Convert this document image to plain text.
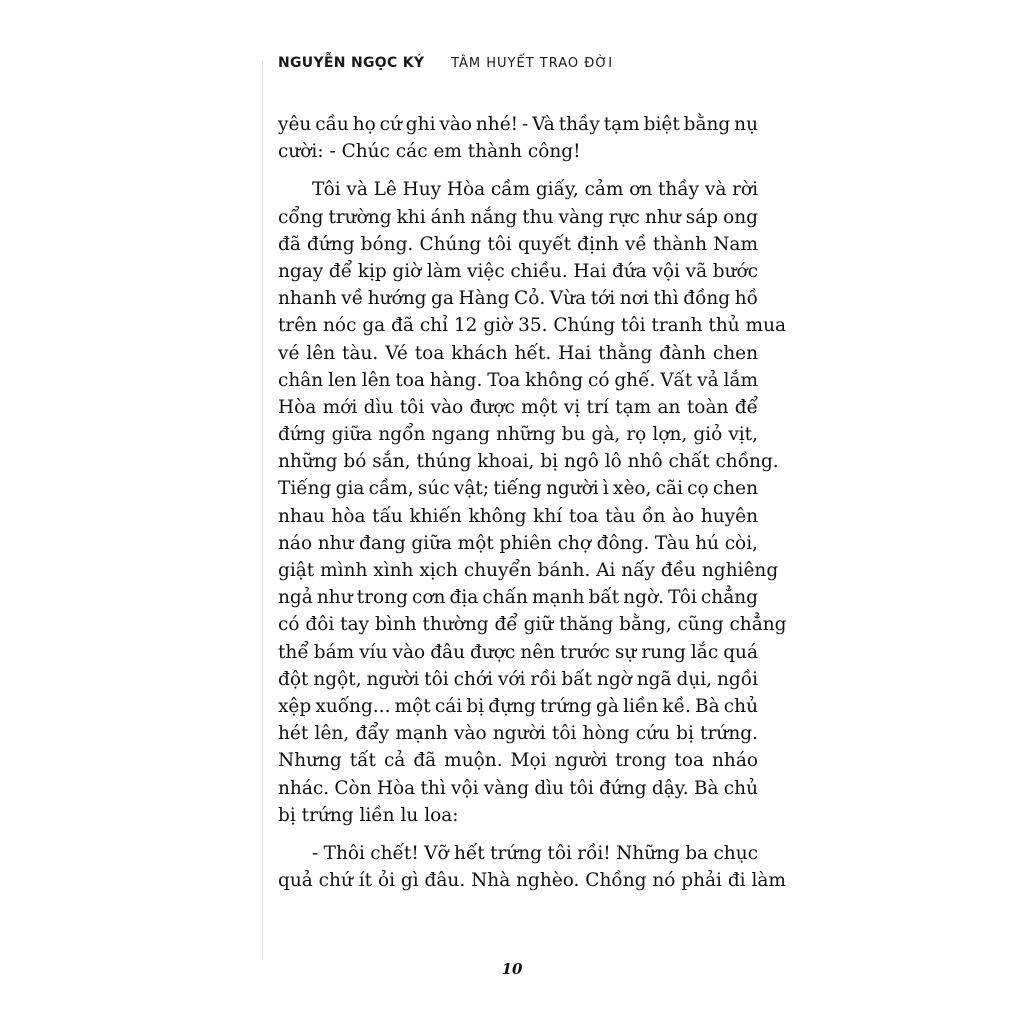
NGUYỄN NGỌC KÝ TÂM HUYẾT TRAO ĐỜI
yêu cầu họ cứ ghi vào nhé! - Và thầy tạm biệt bằng nụ
cười: - Chúc các em thành công!
Tôi và Lê Huy Hòa cầm giấy, cảm ơn thầy và rời
cổng trường khi ánh nắng thu vàng rực như sáp ong
đã đứng bóng. Chúng tôi quyết định về thành Nam
ngay để kịp giờ làm việc chiều. Hai đứa vội vã bước
nhanh về hướng ga Hàng Cỏ. Vừa tới nơi thì đồng hồ
trên nóc ga đã chỉ 12 giờ 35. Chúng tôi tranh thủ mua
vé lên tàu. Vé toa khách hết. Hai thằng đành chen
chân len lên toa hàng. Toa không có ghế. Vất vả lắm
Hòa mới dìu tôi vào được một vị trí tạm an toàn để
đứng giữa ngổn ngang những bu gà, rọ lợn, giỏ vịt,
những bó sắn, thúng khoai, bị ngô lô nhô chất chồng.
Tiếng gia cầm, súc vật; tiếng người ì xèo, cãi cọ chen
nhau hòa tấu khiến không khí toa tàu ồn ào huyên
náo như đang giữa một phiên chợ đông. Tàu hú còi,
giật mình xình xịch chuyển bánh. Ai nấy đều nghiêng
ngả như trong cơn địa chấn mạnh bất ngờ. Tôi chẳng
có đôi tay bình thường để giữ thăng bằng, cũng chẳng
thể bám víu vào đâu được nên trước sự rung lắc quá
đột ngột, người tôi chới với rồi bất ngờ ngã dụi, ngồi
xệp xuống... một cái bị đựng trứng gà liền kề. Bà chủ
hét lên, đẩy mạnh vào người tôi hòng cứu bị trứng.
Nhưng tất cả đã muộn. Mọi người trong toa nháo
nhác. Còn Hòa thì vội vàng dìu tôi đứng dậy. Bà chủ
bị trứng liền lu loa:
- Thôi chết! Vỡ hết trứng tôi rồi! Những ba chục
quả chứ ít ỏi gì đâu. Nhà nghèo. Chồng nó phải đi làm
10
